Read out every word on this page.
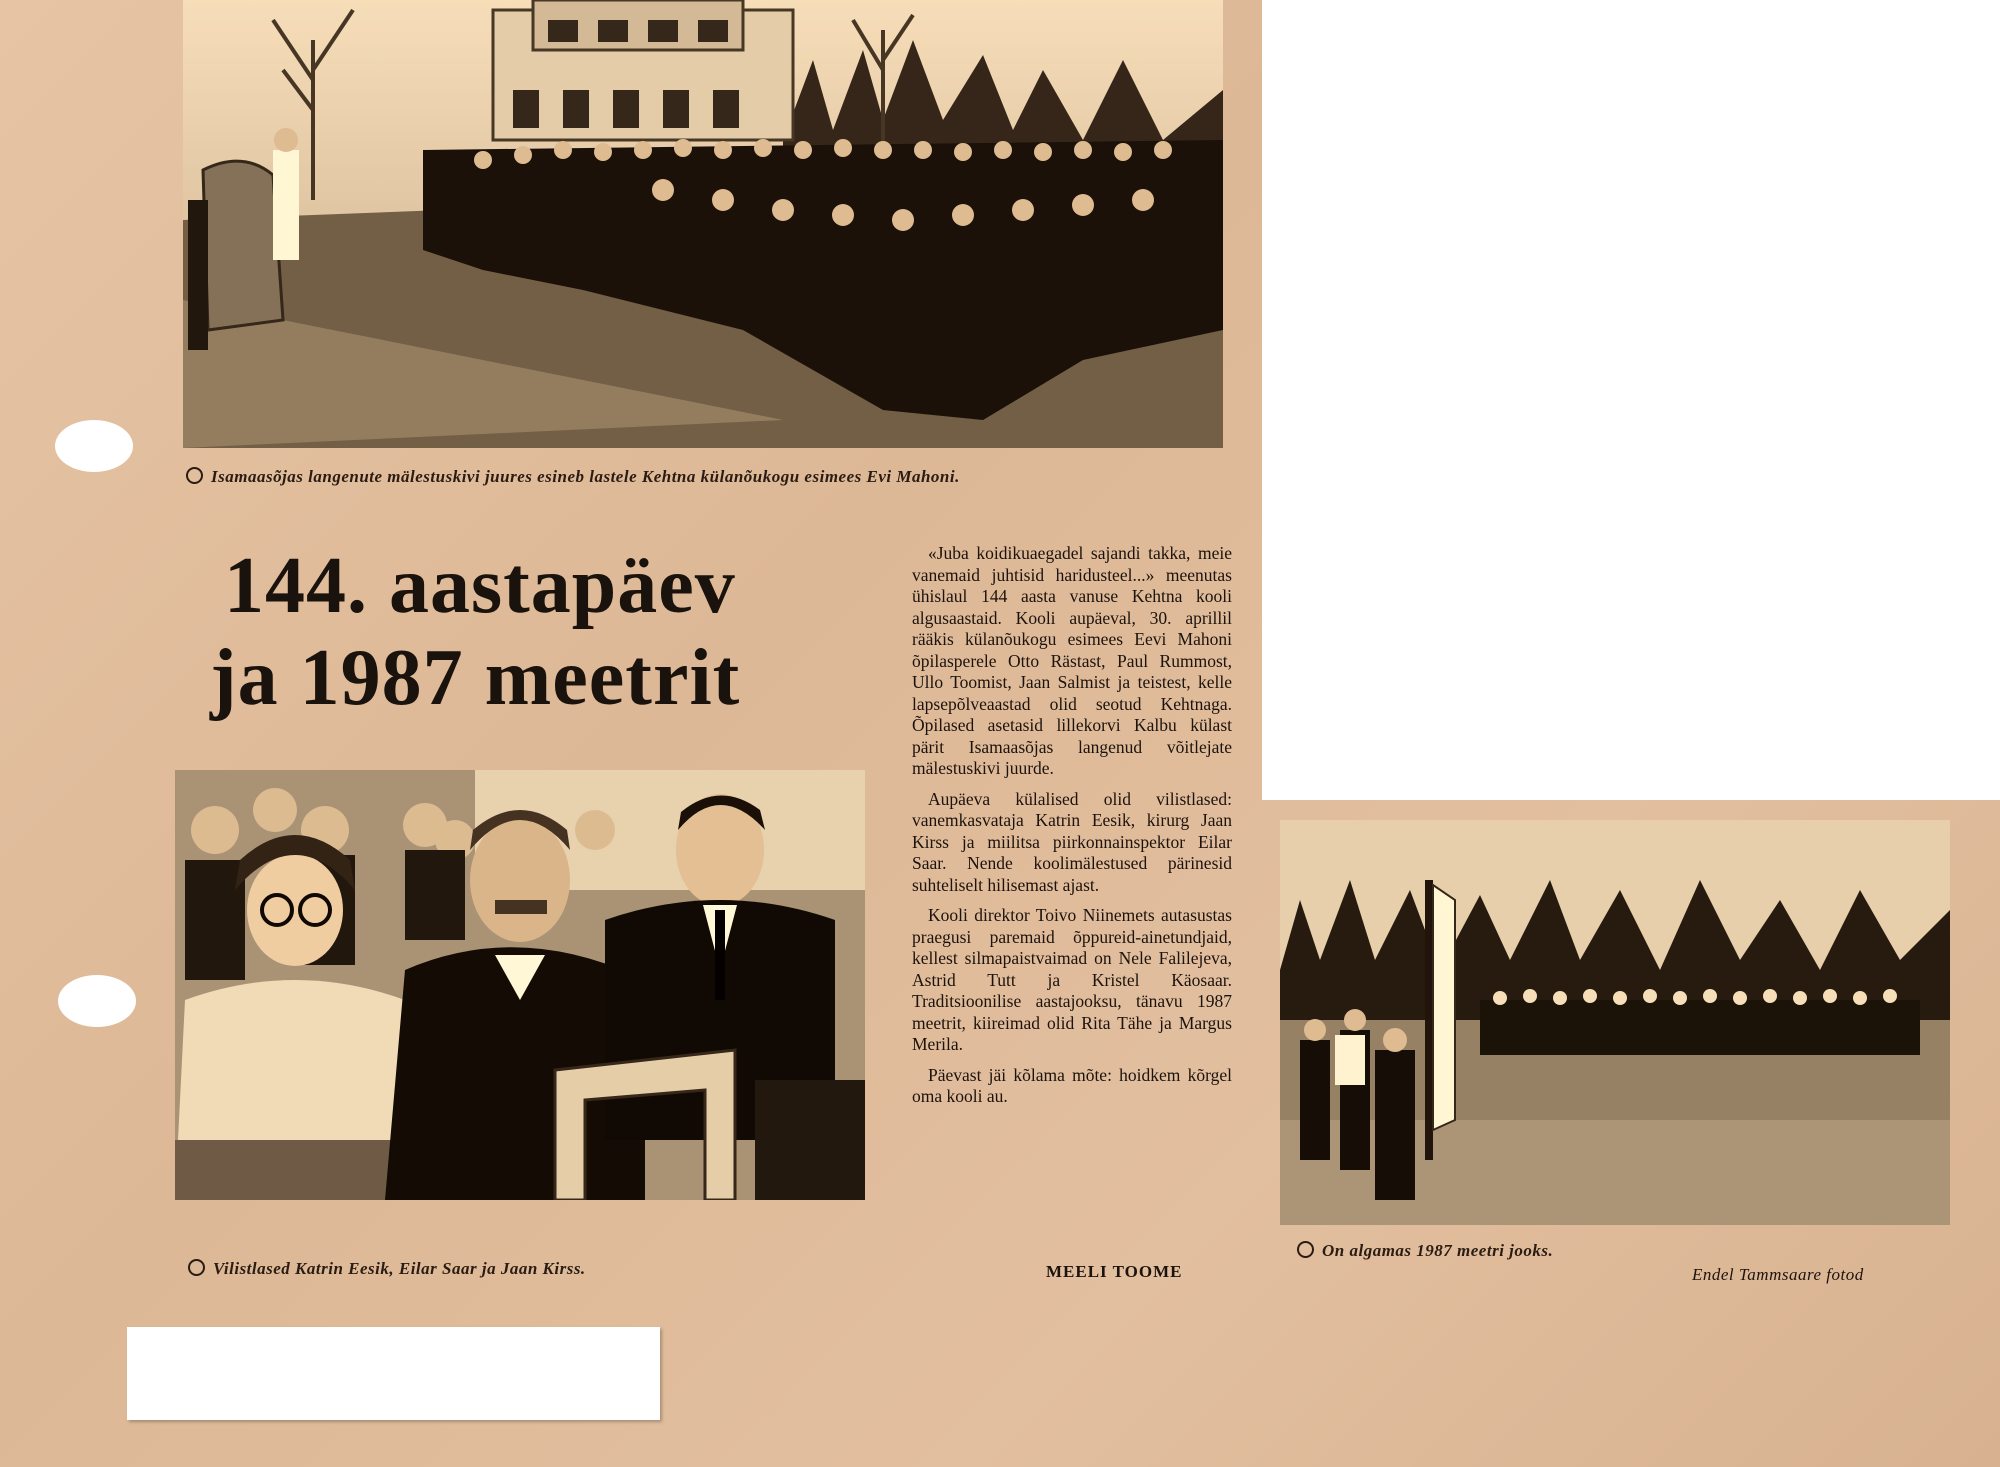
Isamaasõjas langenute mälestuskivi juures esineb lastele Kehtna külanõukogu esimees Evi Mahoni.
144. aastapäev
ja 1987 meetrit
Vilistlased Katrin Eesik, Eilar Saar ja Jaan Kirss.

«Juba koidikuaegadel sajandi takka, meie vanemaid juhtisid haridusteel...» meenutas ühislaul 144 aasta vanuse Kehtna kooli algusaastaid. Kooli aupäeval, 30. aprillil rääkis külanõukogu esimees Eevi Mahoni õpilasperele Otto Rästast, Paul Rummost, Ullo Toomist, Jaan Salmist ja teistest, kelle lapsepõlveaastad olid seotud Kehtnaga. Õpilased asetasid lillekorvi Kalbu külast pärit Isamaasõjas langenud võitlejate mälestuskivi juurde.

Aupäeva külalised olid vilistlased: vanemkasvataja Katrin Eesik, kirurg Jaan Kirss ja miilitsa piirkonnainspektor Eilar Saar. Nende koolimälestused pärinesid suhteliselt hilisemast ajast.

Kooli direktor Toivo Niinemets autasustas praegusi paremaid õppureid-ainetundjaid, kellest silmapaistvaimad on Nele Falilejeva, Astrid Tutt ja Kristel Käosaar. Traditsioonilise aastajooksu, tänavu 1987 meetrit, kiireimad olid Rita Tähe ja Margus Merila.

Päevast jäi kõlama mõte: hoidkem kõrgel oma kooli au.

MEELI TOOME
On algamas 1987 meetri jooks.
Endel Tammsaare fotod
